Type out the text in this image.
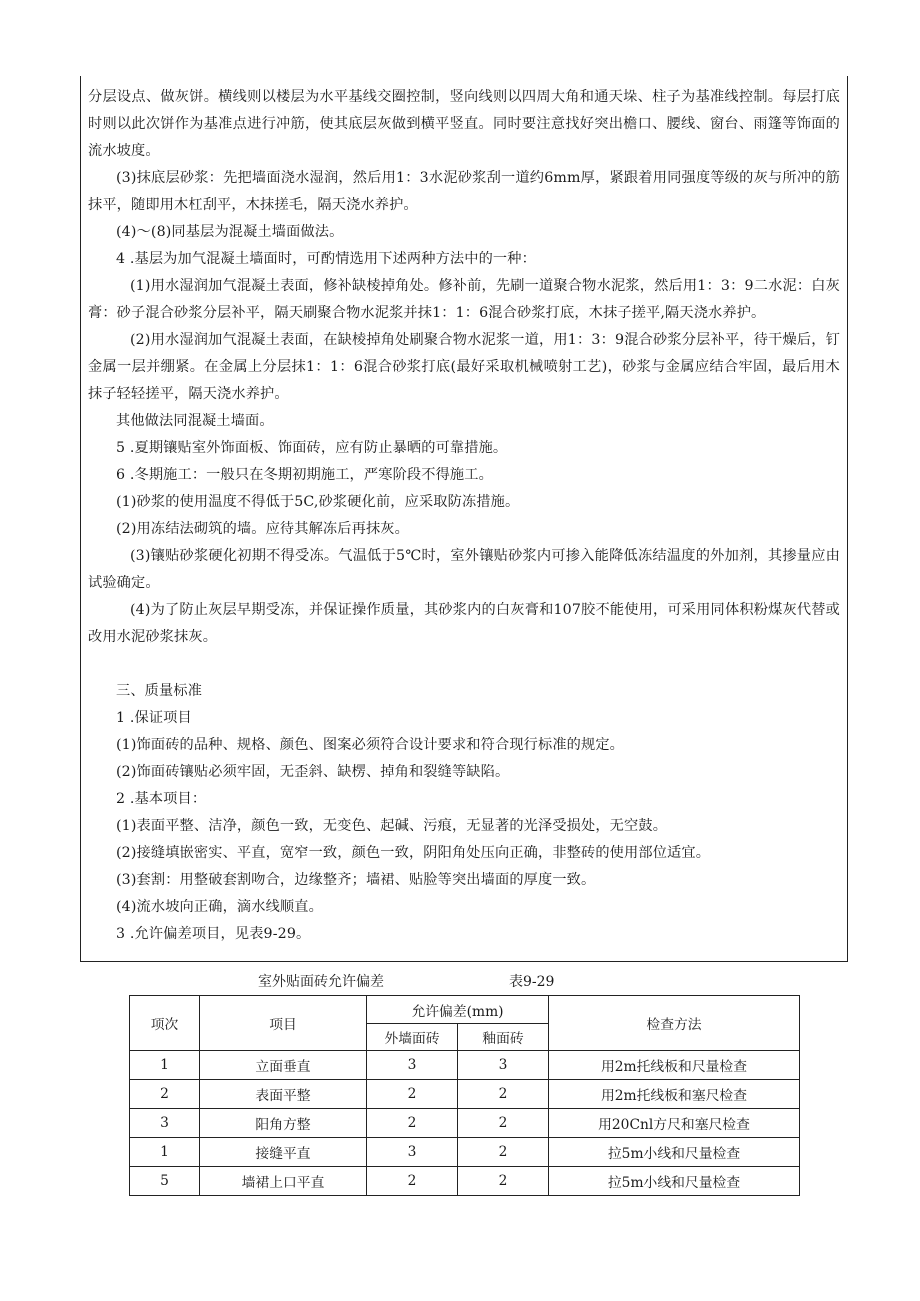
分层设点、做灰饼。横线则以楼层为水平基线交圈控制，竖向线则以四周大角和通天垛、柱子为基准线控制。每层打底时则以此次饼作为基准点进行冲筋，使其底层灰做到横平竖直。同时要注意找好突出檐口、腰线、窗台、雨篷等饰面的流水坡度。

(3)抹底层砂浆：先把墙面浇水湿润，然后用1：3水泥砂浆刮一道约6mm厚，紧跟着用同强度等级的灰与所冲的筋抹平，随即用木杠刮平，木抹搓毛，隔天浇水养护。

(4)～(8)同基层为混凝土墙面做法。

4 .基层为加气混凝土墙面时，可酌情选用下述两种方法中的一种：

(1)用水湿润加气混凝土表面，修补缺棱掉角处。修补前，先刷一道聚合物水泥浆，然后用1：3：9二水泥：白灰膏：砂子混合砂浆分层补平，隔天刷聚合物水泥浆并抹1：1：6混合砂浆打底，木抹子搓平,隔天浇水养护。

(2)用水湿润加气混凝土表面，在缺棱掉角处刷聚合物水泥浆一道，用1：3：9混合砂浆分层补平，待干燥后，钉金属一层并绷紧。在金属上分层抹1：1：6混合砂浆打底(最好采取机械喷射工艺)，砂浆与金属应结合牢固，最后用木抹子轻轻搓平，隔天浇水养护。

其他做法同混凝土墙面。

5 .夏期镶贴室外饰面板、饰面砖，应有防止暴晒的可靠措施。

6 .冬期施工：一般只在冬期初期施工，严寒阶段不得施工。

(1)砂浆的使用温度不得低于5C,砂浆硬化前，应采取防冻措施。

(2)用冻结法砌筑的墙。应待其解冻后再抹灰。

(3)镶贴砂浆硬化初期不得受冻。气温低于5℃时，室外镶贴砂浆内可掺入能降低冻结温度的外加剂，其掺量应由试验确定。

(4)为了防止灰层早期受冻，并保证操作质量，其砂浆内的白灰膏和107胶不能使用，可采用同体积粉煤灰代替或改用水泥砂浆抹灰。

三、质量标准

1 .保证项目

(1)饰面砖的品种、规格、颜色、图案必须符合设计要求和符合现行标准的规定。

(2)饰面砖镶贴必须牢固，无歪斜、缺楞、掉角和裂缝等缺陷。

2 .基本项目：

(1)表面平整、洁净，颜色一致，无变色、起碱、污痕，无显著的光泽受损处，无空鼓。

(2)接缝填嵌密实、平直，宽窄一致，颜色一致，阴阳角处压向正确，非整砖的使用部位适宜。

(3)套割：用整破套割吻合，边缘整齐；墙裙、贴脸等突出墙面的厚度一致。

(4)流水坡向正确，滴水线顺直。

3 .允许偏差项目，见表9-29。

室外贴面砖允许偏差	表9-29
项次	项目	允许偏差(mm)		检查方法
		外墙面砖	釉面砖	
1	立面垂直	3	3	用2m托线板和尺量检查
2	表面平整	2	2	用2m托线板和塞尺检查
3	阳角方整	2	2	用20Cnl方尺和塞尺检查
1	接缝平直	3	2	拉5m小线和尺量检查
5	墙裙上口平直	2	2	拉5m小线和尺量检查
